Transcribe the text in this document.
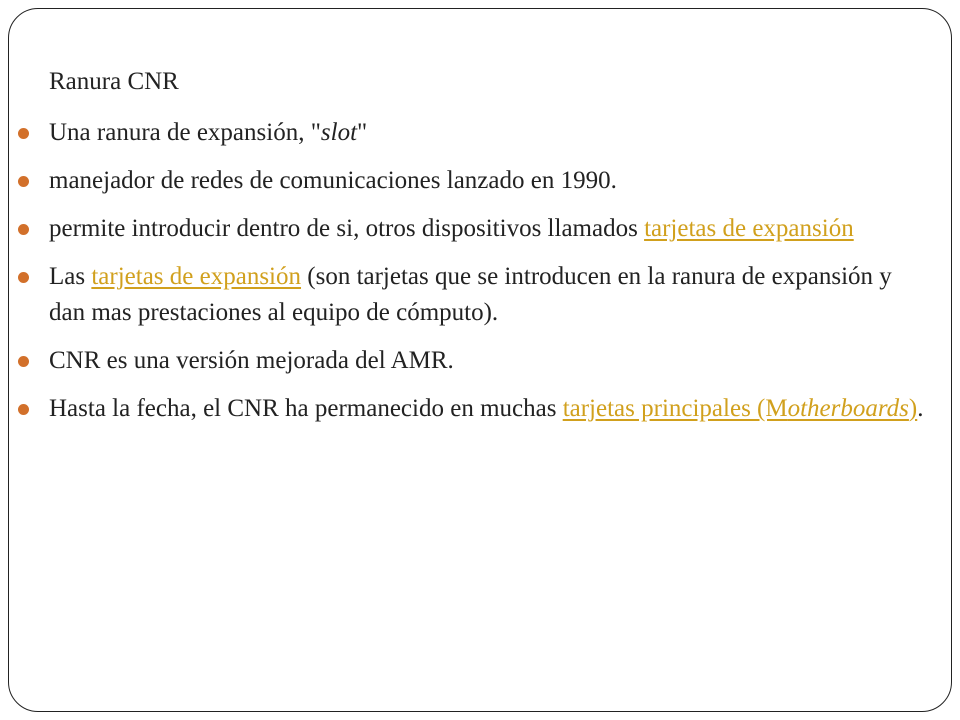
Ranura CNR
Una ranura de expansión, "slot"
manejador de redes de comunicaciones lanzado en 1990.
permite introducir dentro de si, otros dispositivos llamados tarjetas de expansión
Las tarjetas de expansión (son tarjetas que se introducen en la ranura de expansión y dan mas prestaciones al equipo de cómputo).
CNR es una versión mejorada del AMR.
Hasta la fecha, el CNR ha permanecido en muchas tarjetas principales (Motherboards).
